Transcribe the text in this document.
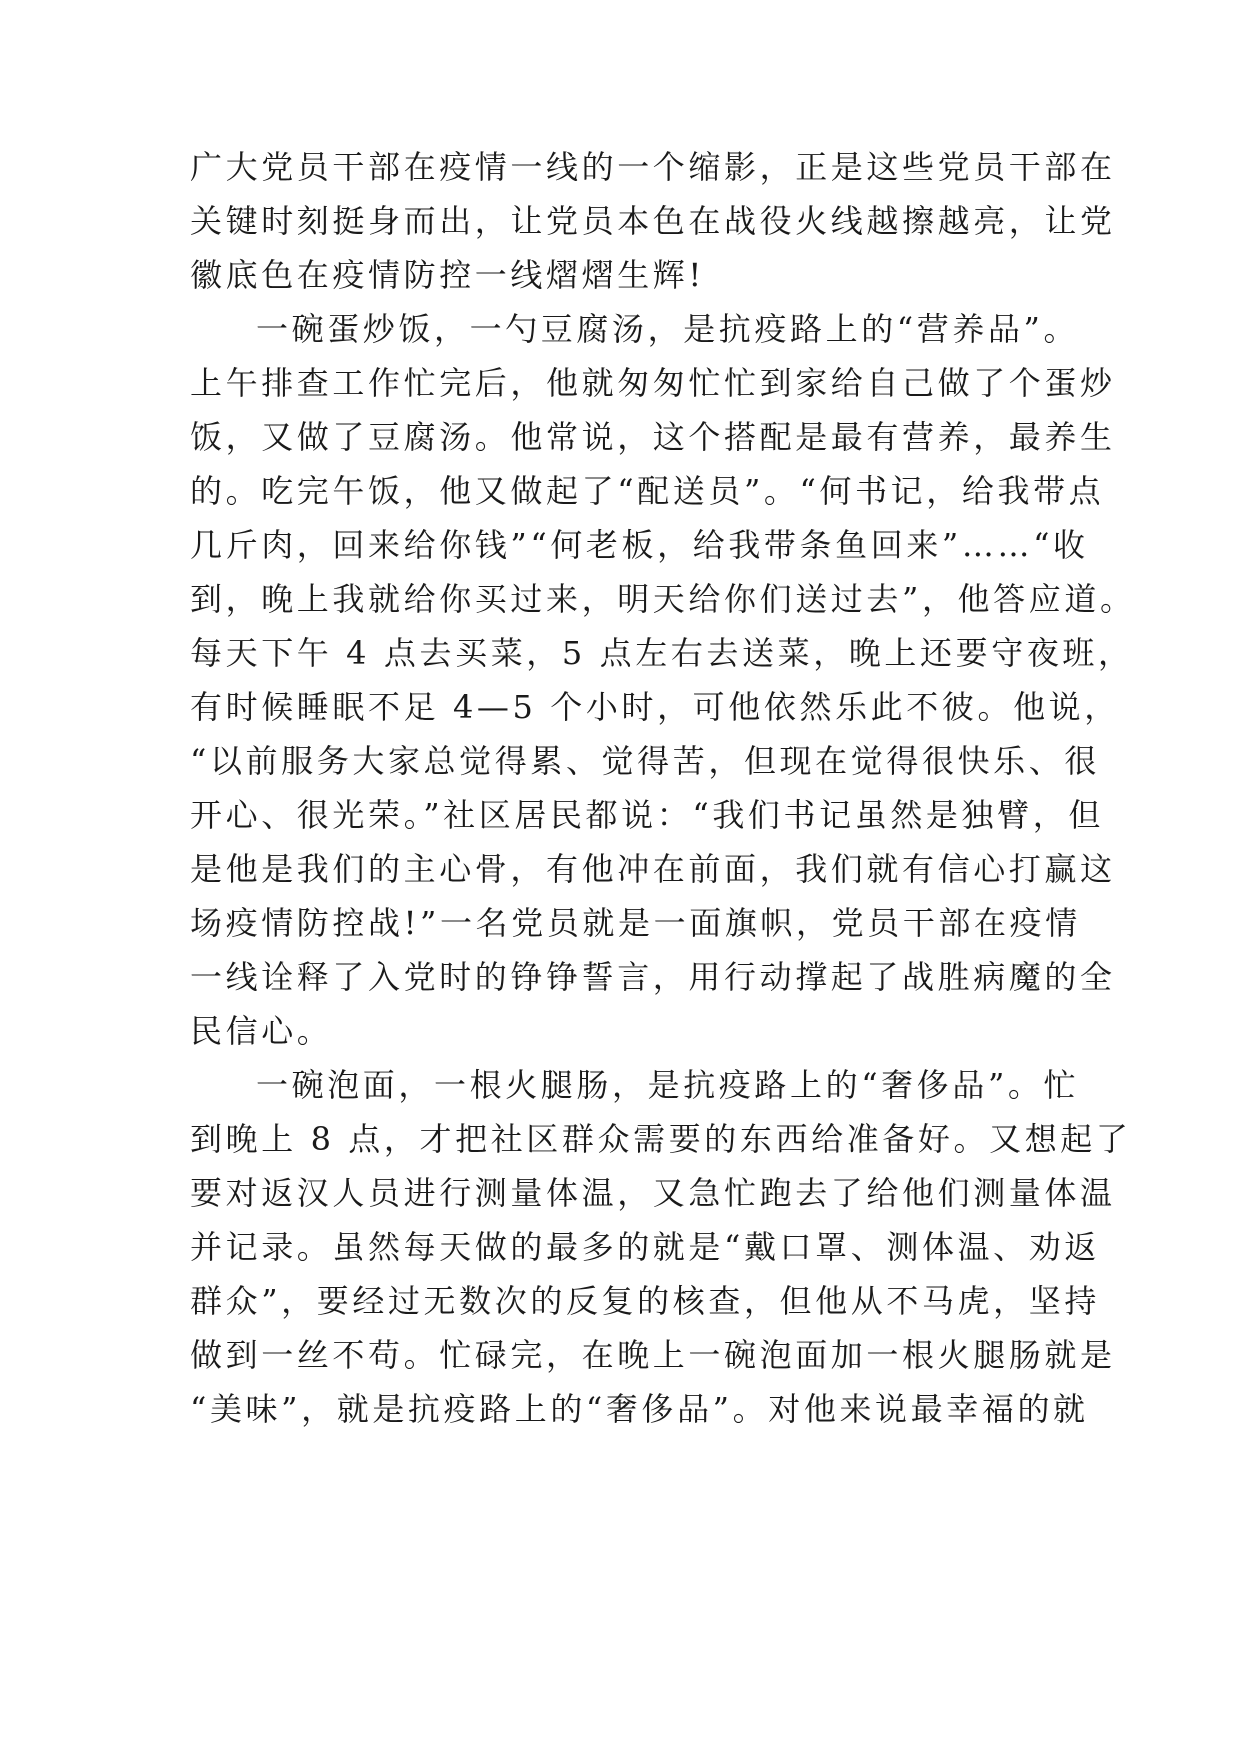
广大党员干部在疫情一线的一个缩影，正是这些党员干部在
关键时刻挺身而出，让党员本色在战役火线越擦越亮，让党
徽底色在疫情防控一线熠熠生辉!
一碗蛋炒饭，一勺豆腐汤，是抗疫路上的“营养品”。
上午排查工作忙完后，他就匆匆忙忙到家给自己做了个蛋炒
饭，又做了豆腐汤。他常说，这个搭配是最有营养，最养生
的。吃完午饭，他又做起了“配送员”。“何书记，给我带点
几斤肉，回来给你钱”“何老板，给我带条鱼回来”……“收
到，晚上我就给你买过来，明天给你们送过去”，他答应道。
每天下午 4 点去买菜，5 点左右去送菜，晚上还要守夜班，
有时候睡眠不足 4—5 个小时，可他依然乐此不彼。他说，
“以前服务大家总觉得累、觉得苦，但现在觉得很快乐、很
开心、很光荣。”社区居民都说：“我们书记虽然是独臂，但
是他是我们的主心骨，有他冲在前面，我们就有信心打赢这
场疫情防控战!”一名党员就是一面旗帜，党员干部在疫情
一线诠释了入党时的铮铮誓言，用行动撑起了战胜病魔的全
民信心。
一碗泡面，一根火腿肠，是抗疫路上的“奢侈品”。忙
到晚上 8 点，才把社区群众需要的东西给准备好。又想起了
要对返汉人员进行测量体温，又急忙跑去了给他们测量体温
并记录。虽然每天做的最多的就是“戴口罩、测体温、劝返
群众”，要经过无数次的反复的核查，但他从不马虎，坚持
做到一丝不苟。忙碌完，在晚上一碗泡面加一根火腿肠就是
“美味”，就是抗疫路上的“奢侈品”。对他来说最幸福的就
